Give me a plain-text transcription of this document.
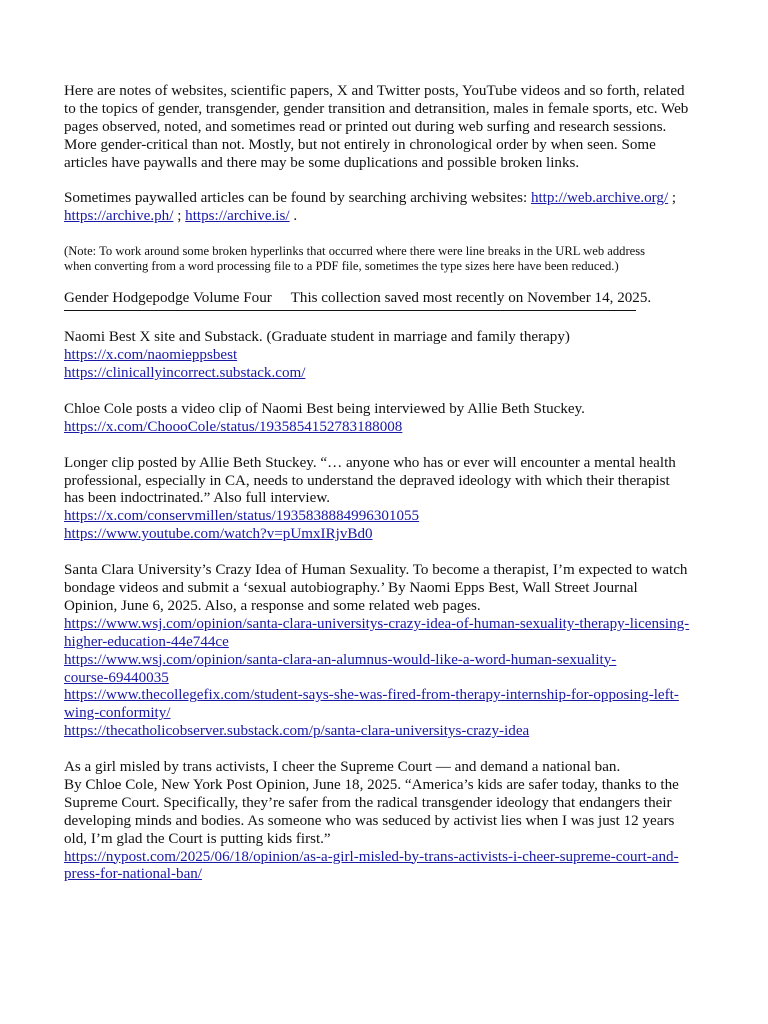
Here are notes of websites, scientific papers, X and Twitter posts, YouTube videos and so forth, related
to the topics of gender, transgender, gender transition and detransition, males in female sports, etc. Web
pages observed, noted, and sometimes read or printed out during web surfing and research sessions.
More gender-critical than not. Mostly, but not entirely in chronological order by when seen. Some
articles have paywalls and there may be some duplications and possible broken links.

Sometimes paywalled articles can be found by searching archiving websites: http://web.archive.org/ ;
https://archive.ph/ ; https://archive.is/ .

(Note: To work around some broken hyperlinks that occurred where there were line breaks in the URL web address
when converting from a word processing file to a PDF file, sometimes the type sizes here have been reduced.)

Gender Hodgepodge Volume Four This collection saved most recently on November 14, 2025.

Naomi Best X site and Substack. (Graduate student in marriage and family therapy)
https://x.com/naomieppsbest
https://clinicallyincorrect.substack.com/

Chloe Cole posts a video clip of Naomi Best being interviewed by Allie Beth Stuckey.
https://x.com/ChoooCole/status/1935854152783188008

Longer clip posted by Allie Beth Stuckey. “… anyone who has or ever will encounter a mental health
professional, especially in CA, needs to understand the depraved ideology with which their therapist
has been indoctrinated.” Also full interview.
https://x.com/conservmillen/status/1935838884996301055
https://www.youtube.com/watch?v=pUmxIRjvBd0

Santa Clara University’s Crazy Idea of Human Sexuality. To become a therapist, I’m expected to watch
bondage videos and submit a ‘sexual autobiography.’ By Naomi Epps Best, Wall Street Journal
Opinion, June 6, 2025. Also, a response and some related web pages.
https://www.wsj.com/opinion/santa-clara-universitys-crazy-idea-of-human-sexuality-therapy-licensing-
higher-education-44e744ce
https://www.wsj.com/opinion/santa-clara-an-alumnus-would-like-a-word-human-sexuality-
course-69440035
https://www.thecollegefix.com/student-says-she-was-fired-from-therapy-internship-for-opposing-left-
wing-conformity/
https://thecatholicobserver.substack.com/p/santa-clara-universitys-crazy-idea

As a girl misled by trans activists, I cheer the Supreme Court — and demand a national ban.
By Chloe Cole, New York Post Opinion, June 18, 2025. “America’s kids are safer today, thanks to the
Supreme Court. Specifically, they’re safer from the radical transgender ideology that endangers their
developing minds and bodies. As someone who was seduced by activist lies when I was just 12 years
old, I’m glad the Court is putting kids first.”
https://nypost.com/2025/06/18/opinion/as-a-girl-misled-by-trans-activists-i-cheer-supreme-court-and-
press-for-national-ban/
